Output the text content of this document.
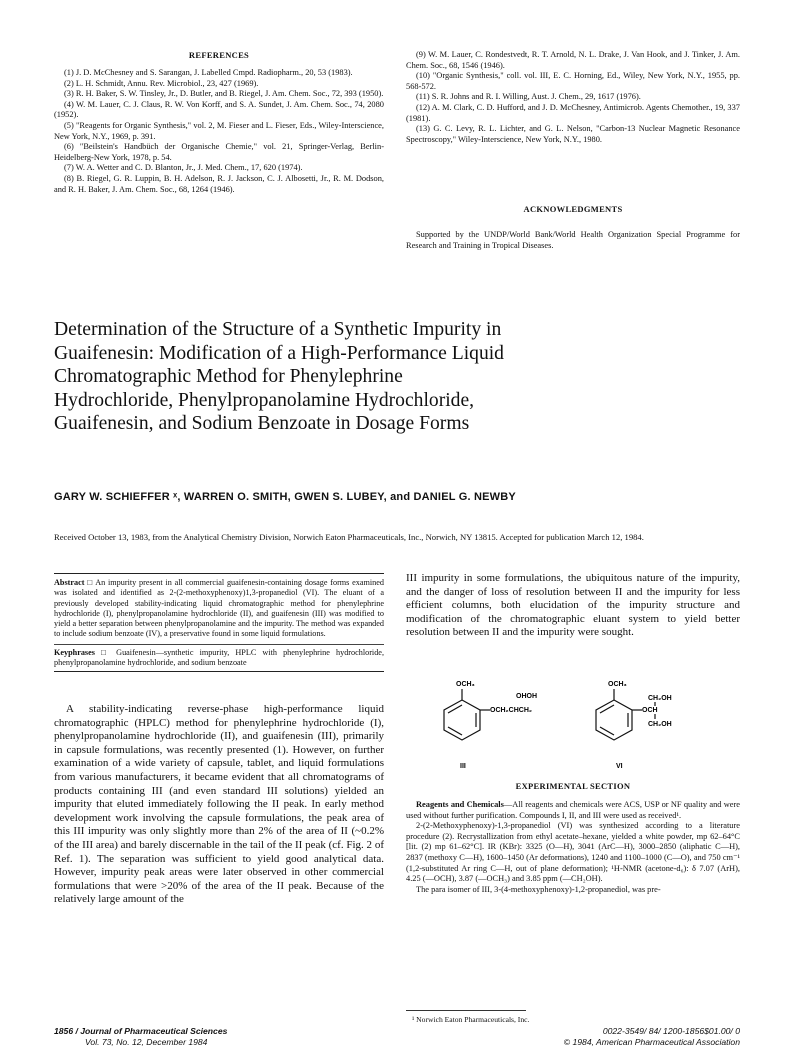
REFERENCES

(1) J. D. McChesney and S. Sarangan, J. Labelled Cmpd. Radiopharm., 20, 53 (1983).

(2) L. H. Schmidt, Annu. Rev. Microbiol., 23, 427 (1969).

(3) R. H. Baker, S. W. Tinsley, Jr., D. Butler, and B. Riegel, J. Am. Chem. Soc., 72, 393 (1950).

(4) W. M. Lauer, C. J. Claus, R. W. Von Korff, and S. A. Sundet, J. Am. Chem. Soc., 74, 2080 (1952).

(5) "Reagents for Organic Synthesis," vol. 2, M. Fieser and L. Fieser, Eds., Wiley-Interscience, New York, N.Y., 1969, p. 391.

(6) "Beilstein's Handbüch der Organische Chemie," vol. 21, Springer-Verlag, Berlin-Heidelberg-New York, 1978, p. 54.

(7) W. A. Wetter and C. D. Blanton, Jr., J. Med. Chem., 17, 620 (1974).

(8) B. Riegel, G. R. Luppin, B. H. Adelson, R. J. Jackson, C. J. Albosetti, Jr., R. M. Dodson, and R. H. Baker, J. Am. Chem. Soc., 68, 1264 (1946).

(9) W. M. Lauer, C. Rondestvedt, R. T. Arnold, N. L. Drake, J. Van Hook, and J. Tinker, J. Am. Chem. Soc., 68, 1546 (1946).

(10) "Organic Synthesis," coll. vol. III, E. C. Horning, Ed., Wiley, New York, N.Y., 1955, pp. 568-572.

(11) S. R. Johns and R. I. Willing, Aust. J. Chem., 29, 1617 (1976).

(12) A. M. Clark, C. D. Hufford, and J. D. McChesney, Antimicrob. Agents Chemother., 19, 337 (1981).

(13) G. C. Levy, R. L. Lichter, and G. L. Nelson, "Carbon-13 Nuclear Magnetic Resonance Spectroscopy," Wiley-Interscience, New York, N.Y., 1980.

ACKNOWLEDGMENTS

Supported by the UNDP/World Bank/World Health Organization Special Programme for Research and Training in Tropical Diseases.

Determination of the Structure of a Synthetic Impurity in Guaifenesin: Modification of a High-Performance Liquid Chromatographic Method for Phenylephrine Hydrochloride, Phenylpropanolamine Hydrochloride, Guaifenesin, and Sodium Benzoate in Dosage Forms
GARY W. SCHIEFFER ˣ, WARREN O. SMITH, GWEN S. LUBEY, and DANIEL G. NEWBY
Received October 13, 1983, from the Analytical Chemistry Division, Norwich Eaton Pharmaceuticals, Inc., Norwich, NY 13815. Accepted for publication March 12, 1984.

Abstract □ An impurity present in all commercial guaifenesin-containing dosage forms examined was isolated and identified as 2-(2-methoxyphenoxy)1,3-propanediol (VI). The eluant of a previously developed stability-indicating liquid chromatographic method for phenylephrine hydrochloride (I), phenylpropanolamine hydrochloride (II), and guaifenesin (III) was modified to yield a better separation between phenylpropanolamine and the impurity. The method was expanded to include sodium benzoate (IV), a preservative found in some liquid formulations.

Keyphrases □ Guaifenesin—synthetic impurity, HPLC with phenylephrine hydrochloride, phenylpropanolamine hydrochloride, and sodium benzoate

A stability-indicating reverse-phase high-performance liquid chromatographic (HPLC) method for phenylephrine hydrochloride (I), phenylpropanolamine hydrochloride (II), and guaifenesin (III), primarily in capsule formulations, was recently presented (1). However, on further examination of a wide variety of capsule, tablet, and liquid formulations from various manufacturers, it became evident that all chromatograms of products containing III (and even standard III solutions) yielded an impurity that eluted immediately following the II peak. In early method development work involving the capsule formulations, the peak area of this III impurity was only slightly more than 2% of the area of II (~0.2% of the III area) and barely discernable in the tail of the II peak (cf. Fig. 2 of Ref. 1). The separation was sufficient to yield good analytical data. However, impurity peak areas were later observed in other commercial formulations that were >20% of the area of the II peak. Because of the relatively large amount of the

III impurity in some formulations, the ubiquitous nature of the impurity, and the danger of loss of resolution between II and the impurity for less efficient columns, both elucidation of the impurity structure and modification of the chromatographic eluant system to yield better resolution between II and the impurity were sought.

OCH₃
OHOH
OCH₂CHCH₂
III
OCH₃
CH₂OH
OCH
CH₂OH
VI
EXPERIMENTAL SECTION

Reagents and Chemicals—All reagents and chemicals were ACS, USP or NF quality and were used without further purification. Compounds I, II, and III were used as received¹.

2-(2-Methoxyphenoxy)-1,3-propanediol (VI) was synthesized according to a literature procedure (2). Recrystallization from ethyl acetate–hexane, yielded a white powder, mp 62–64°C [lit. (2) mp 61–62°C]. IR (KBr): 3325 (O—H), 3041 (ArC—H), 3000–2850 (aliphatic C—H), 2837 (methoxy C—H), 1600–1450 (Ar deformations), 1240 and 1100–1000 (C—O), and 750 cm⁻¹ (1,2-substituted Ar ring C—H, out of plane deformation); ¹H-NMR (acetone-d₆): δ 7.07 (ArH), 4.25 (—OCH), 3.87 (—OCH₃) and 3.85 ppm (—CH₂OH).

The para isomer of III, 3-(4-methoxyphenoxy)-1,2-propanediol, was pre-

¹ Norwich Eaton Pharmaceuticals, Inc.
1856 / Journal of Pharmaceutical Sciences
Vol. 73, No. 12, December 1984
0022-3549/ 84/ 1200-1856$01.00/ 0
© 1984, American Pharmaceutical Association
